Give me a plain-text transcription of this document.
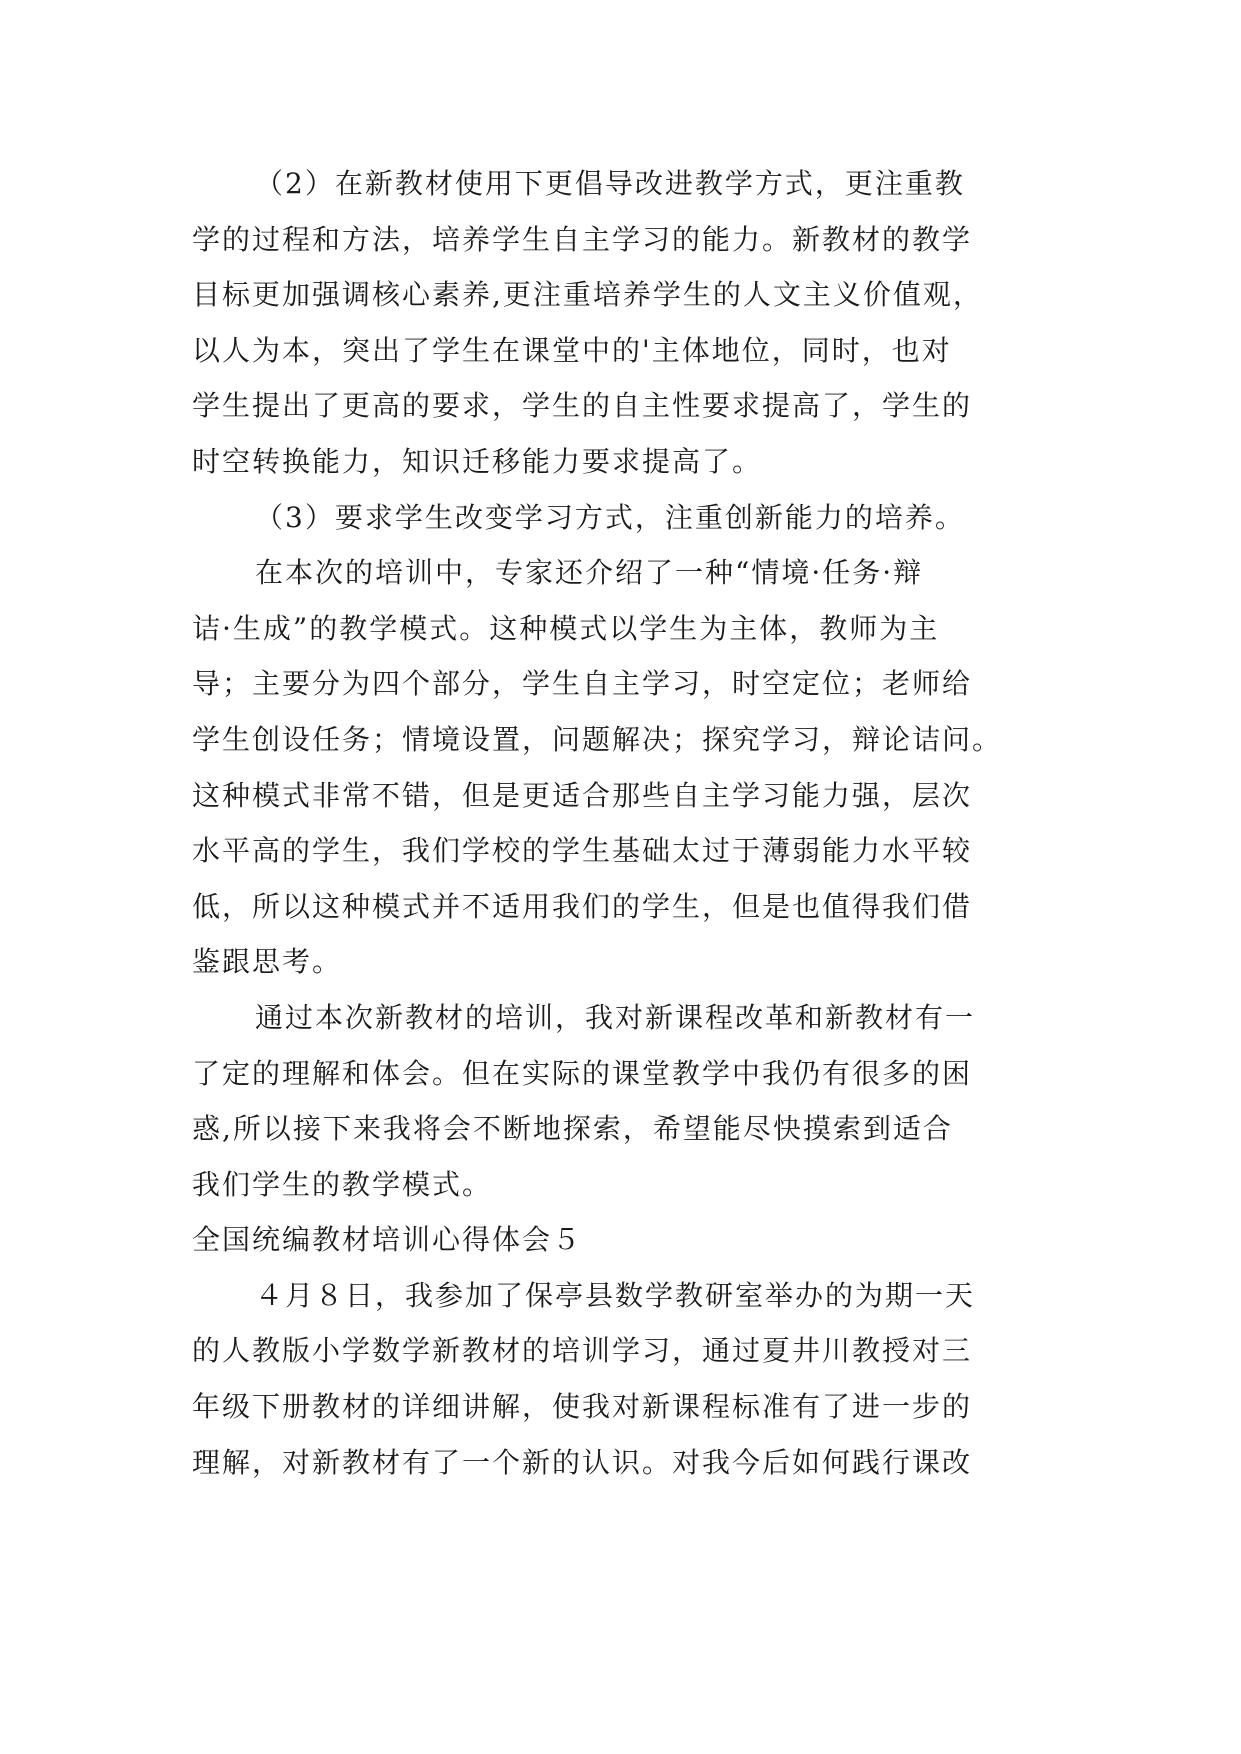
（2）在新教材使用下更倡导改进教学方式，更注重教
学的过程和方法，培养学生自主学习的能力。新教材的教学
目标更加强调核心素养,更注重培养学生的人文主义价值观，
以人为本，突出了学生在课堂中的'主体地位，同时，也对
学生提出了更高的要求，学生的自主性要求提高了，学生的
时空转换能力，知识迁移能力要求提高了。
（3）要求学生改变学习方式，注重创新能力的培养。
在本次的培训中，专家还介绍了一种“情境·任务·辩
诘·生成”的教学模式。这种模式以学生为主体，教师为主
导；主要分为四个部分，学生自主学习，时空定位；老师给
学生创设任务；情境设置，问题解决；探究学习，辩论诘问。
这种模式非常不错，但是更适合那些自主学习能力强，层次
水平高的学生，我们学校的学生基础太过于薄弱能力水平较
低，所以这种模式并不适用我们的学生，但是也值得我们借
鉴跟思考。
通过本次新教材的培训，我对新课程改革和新教材有一
了定的理解和体会。但在实际的课堂教学中我仍有很多的困
惑,所以接下来我将会不断地探索，希望能尽快摸索到适合
我们学生的教学模式。
全国统编教材培训心得体会５
４月８日，我参加了保亭县数学教研室举办的为期一天
的人教版小学数学新教材的培训学习，通过夏井川教授对三
年级下册教材的详细讲解，使我对新课程标准有了进一步的
理解，对新教材有了一个新的认识。对我今后如何践行课改
